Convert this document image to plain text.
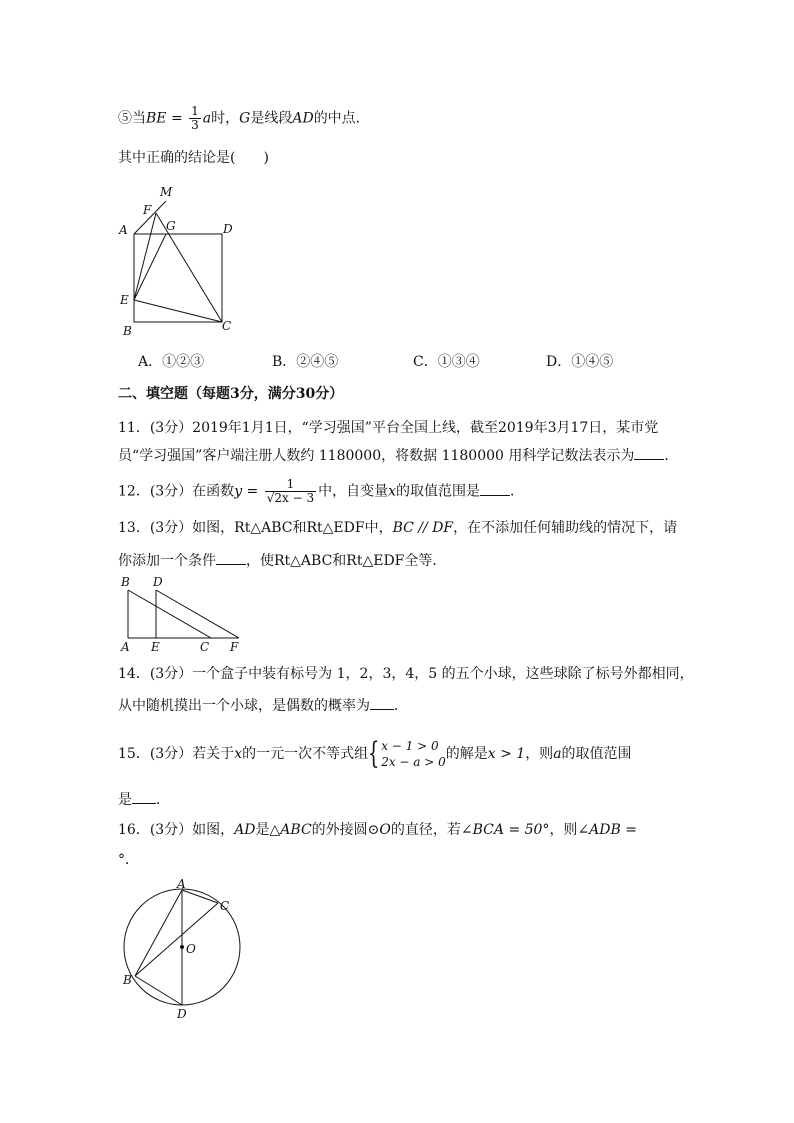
⑤当BE = $\frac{1}{3}$ a时，G是线段AD的中点．
其中正确的结论是(　　)
M
F
G
A	D
E
B	C
A．①②③	B．②④⑤	C．①③④	D．①④⑤
二、填空题（每题3分，满分30分）
11．(3分）2019年1月1日，“学习强国”平台全国上线，截至2019年3月17日，某市党
员“学习强国”客户端注册人数约 1180000，将数据 1180000 用科学记数法表示为 ．
12．(3分）在函数$y = \frac{1}{√2x - 3}$ 中，自变量x的取值范围是 ．
13．(3分）如图，Rt△ABC和Rt△EDF中，BC // DF，在不添加任何辅助线的情况下，请
你添加一个条件 ，使Rt△ABC和Rt△EDF全等．
B D
A E	C F
14．(3分）一个盒子中装有标号为 1，2，3，4，5 的五个小球，这些球除了标号外都相同，
从中随机摸出一个小球，是偶数的概率为 ．
15．(3分）若关于x的一元一次不等式组{ x − 1 > 0
2x − a > 0 的解是x > 1，则a的取值范围
是 ．
16．(3分）如图，AD是△ABC的外接圆⊙O的直径，若∠BCA = 50°，则∠ADB =
°．
A
C
O
B
D
